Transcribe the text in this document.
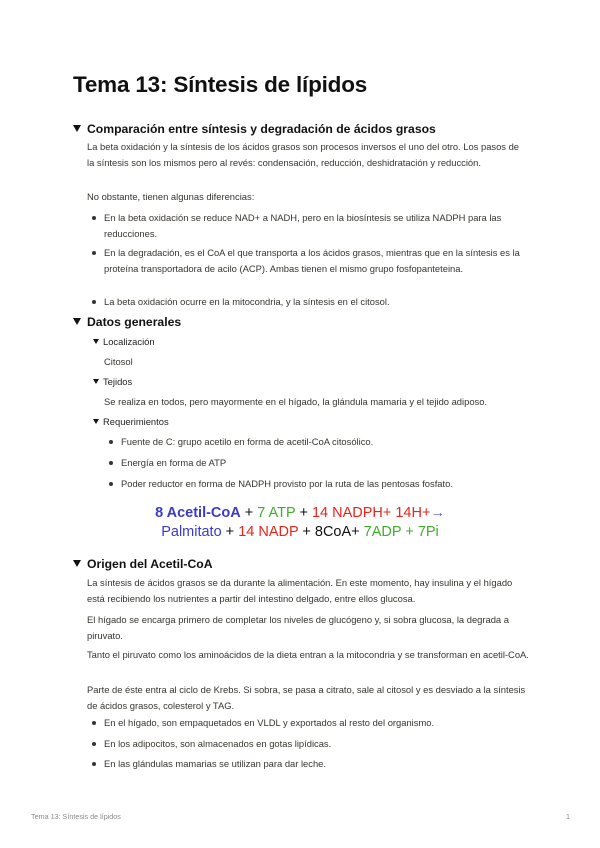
Tema 13: Síntesis de lípidos
Comparación entre síntesis y degradación de ácidos grasos

La beta oxidación y la síntesis de los ácidos grasos son procesos inversos el uno del otro. Los pasos de la síntesis son los mismos pero al revés: condensación, reducción, deshidratación y reducción.

No obstante, tienen algunas diferencias:

En la beta oxidación se reduce NAD+ a NADH, pero en la biosíntesis se utiliza NADPH para las reducciones.

En la degradación, es el CoA el que transporta a los ácidos grasos, mientras que en la síntesis es la proteína transportadora de acilo (ACP). Ambas tienen el mismo grupo fosfopanteteina.

La beta oxidación ocurre en la mitocondria, y la síntesis en el citosol.

Datos generales
Localización

Citosol

Tejidos

Se realiza en todos, pero mayormente en el hígado, la glándula mamaria y el tejido adiposo.

Requerimientos

Fuente de C: grupo acetilo en forma de acetil-CoA citosólico.

Energía en forma de ATP

Poder reductor en forma de NADPH provisto por la ruta de las pentosas fosfato.

8 Acetil-CoA + 7 ATP + 14 NADPH+ 14H+→
Palmitato + 14 NADP + 8CoA+ 7ADP + 7Pi
Origen del Acetil-CoA

La síntesis de ácidos grasos se da durante la alimentación. En este momento, hay insulina y el hígado está recibiendo los nutrientes a partir del intestino delgado, entre ellos glucosa.

El hígado se encarga primero de completar los niveles de glucógeno y, si sobra glucosa, la degrada a piruvato.

Tanto el piruvato como los aminoácidos de la dieta entran a la mitocondria y se transforman en acetil-CoA.

Parte de éste entra al ciclo de Krebs. Si sobra, se pasa a citrato, sale al citosol y es desviado a la síntesis de ácidos grasos, colesterol y TAG.

En el hígado, son empaquetados en VLDL y exportados al resto del organismo.

En los adipocitos, son almacenados en gotas lipídicas.

En las glándulas mamarias se utilizan para dar leche.

Tema 13: Síntesis de lípidos	1
